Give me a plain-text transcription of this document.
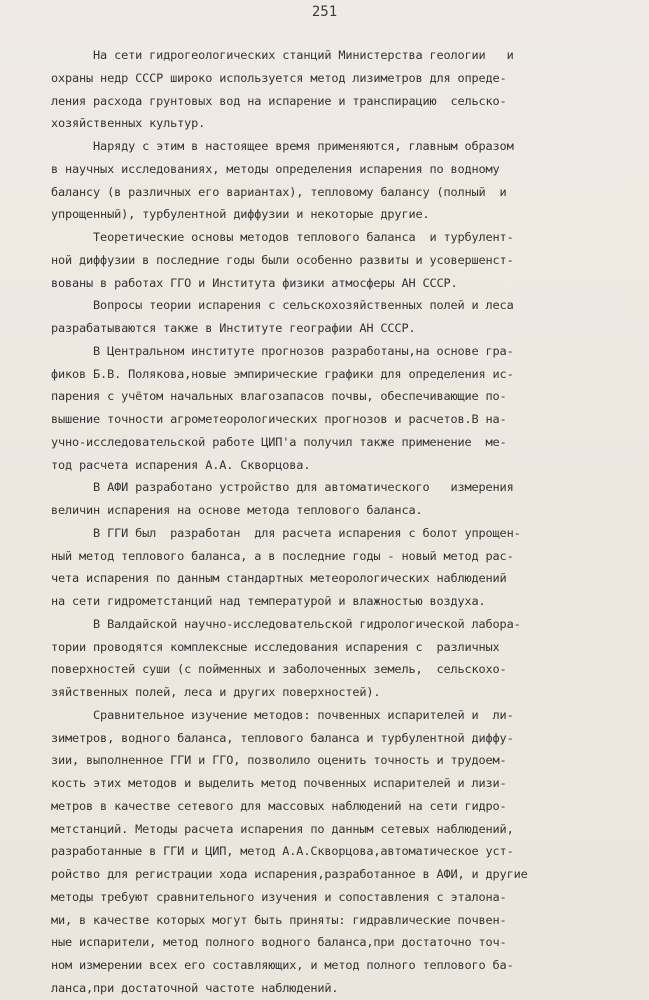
251
На сети гидрогеологических станций Министерства геологии   и
охраны недр СССР широко используется метод лизиметров для опреде-
ления расхода грунтовых вод на испарение и транспирацию  сельско-
хозяйственных культур.
Наряду с этим в настоящее время применяются, главным образом
в научных исследованиях, методы определения испарения по водному
балансу (в различных его вариантах), тепловому балансу (полный  и
упрощенный), турбулентной диффузии и некоторые другие.
Теоретические основы методов теплового баланса  и турбулент-
ной диффузии в последние годы были особенно развиты и усовершенст-
вованы в работах ГГО и Института физики атмосферы АН СССР.
Вопросы теории испарения с сельскохозяйственных полей и леса
разрабатываются также в Институте географии АН СССР.
В Центральном институте прогнозов разработаны,на основе гра-
фиков Б.В. Полякова,новые эмпирические графики для определения ис-
парения с учётом начальных влагозапасов почвы, обеспечивающие по-
вышение точности агрометеорологических прогнозов и расчетов.В на-
учно-исследовательской работе ЦИП'а получил также применение  ме-
тод расчета испарения А.А. Скворцова.
В АФИ разработано устройство для автоматического   измерения
величин испарения на основе метода теплового баланса.
В ГГИ был  разработан  для расчета испарения с болот упрощен-
ный метод теплового баланса, а в последние годы - новый метод рас-
чета испарения по данным стандартных метеорологических наблюдений
на сети гидрометстанций над температурой и влажностью воздуха.
В Валдайской научно-исследовательской гидрологической лабора-
тории проводятся комплексные исследования испарения с  различных
поверхностей суши (с пойменных и заболоченных земель,  сельскохо-
зяйственных полей, леса и других поверхностей).
Сравнительное изучение методов: почвенных испарителей и  ли-
зиметров, водного баланса, теплового баланса и турбулентной диффу-
зии, выполненное ГГИ и ГГО, позволило оценить точность и трудоем-
кость этих методов и выделить метод почвенных испарителей и лизи-
метров в качестве сетевого для массовых наблюдений на сети гидро-
метстанций. Методы расчета испарения по данным сетевых наблюдений,
разработанные в ГГИ и ЦИП, метод А.А.Скворцова,автоматическое уст-
ройство для регистрации хода испарения,разработанное в АФИ, и другие
методы требуют сравнительного изучения и сопоставления с эталона-
ми, в качестве которых могут быть приняты: гидравлические почвен-
ные испарители, метод полного водного баланса,при достаточно точ-
ном измерении всех его составляющих, и метод полного теплового ба-
ланса,при достаточной частоте наблюдений.
